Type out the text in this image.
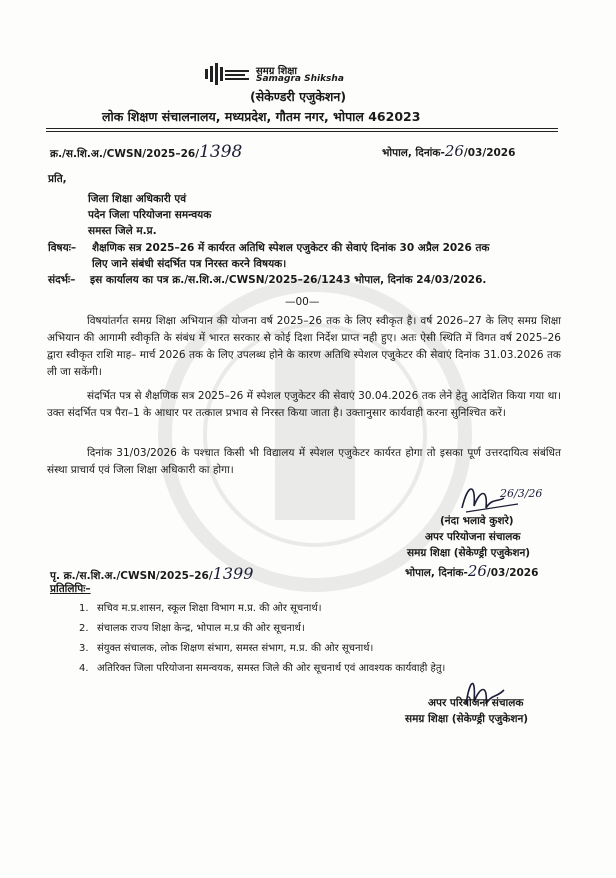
समग्र शिक्षा
Samagra Shiksha
(सेकेण्डरी एजुकेशन)
लोक शिक्षण संचालनालय, मध्यप्रदेश, गौतम नगर, भोपाल 462023
क्र./स.शि.अ./CWSN/2025–26/1398	भोपाल, दिनांक-26/03/2026
प्रति,
जिला शिक्षा अधिकारी एवं
पदेन जिला परियोजना समन्वयक
समस्त जिले म.प्र.
विषयः– शैक्षणिक सत्र 2025–26 में कार्यरत अतिथि स्पेशल एजुकेटर की सेवाएं दिनांक 30 अप्रैल 2026 तक
लिए जाने संबंधी संदर्भित पत्र निरस्त करने विषयक।
संदर्भः– इस कार्यालय का पत्र क्र./स.शि.अ./CWSN/2025–26/1243 भोपाल, दिनांक 24/03/2026.
—00—
विषयांतर्गत समग्र शिक्षा अभियान की योजना वर्ष 2025–26 तक के लिए स्वीकृत है। वर्ष 2026–27 के लिए समग्र शिक्षा अभियान की आगामी स्वीकृति के संबंध में भारत सरकार से कोई दिशा निर्देश प्राप्त नही हुए। अतः ऐसी स्थिति में विगत वर्ष 2025–26 द्वारा स्वीकृत राशि माह– मार्च 2026 तक के लिए उपलब्ध होने के कारण अतिथि स्पेशल एजुकेटर की सेवाएं दिनांक 31.03.2026 तक ली जा सकेंगी।
संदर्भित पत्र से शैक्षणिक सत्र 2025–26 में स्पेशल एजुकेटर की सेवाएं 30.04.2026 तक लेने हेतु आदेशित किया गया था। उक्त संदर्भित पत्र पैरा–1 के आधार पर तत्काल प्रभाव से निरस्त किया जाता है। उक्तानुसार कार्यवाही करना सुनिश्चित करें।
दिनांक 31/03/2026 के पश्चात किसी भी विद्यालय में स्पेशल एजुकेटर कार्यरत होगा तो इसका पूर्ण उत्तरदायित्व संबंधित संस्था प्राचार्य एवं जिला शिक्षा अधिकारी का होगा।
26/3/26
(नंदा भलावे कुशरे)
अपर परियोजना संचालक
समग्र शिक्षा (सेकेण्ड्री एजुकेशन)
भोपाल, दिनांक-26/03/2026
पृ. क्र./स.शि.अ./CWSN/2025–26/1399
प्रतिलिपिः–
1. सचिव म.प्र.शासन, स्कूल शिक्षा विभाग म.प्र. की ओर सूचनार्थ।
2. संचालक राज्य शिक्षा केन्द्र, भोपाल म.प्र की ओर सूचनार्थ।
3. संयुक्त संचालक, लोक शिक्षण संभाग, समस्त संभाग, म.प्र. की ओर सूचनार्थ।
4. अतिरिक्त जिला परियोजना समन्वयक, समस्त जिले की ओर सूचनार्थ एवं आवश्यक कार्यवाही हेतु।
अपर परियोजना संचालक
समग्र शिक्षा (सेकेण्ड्री एजुकेशन)
